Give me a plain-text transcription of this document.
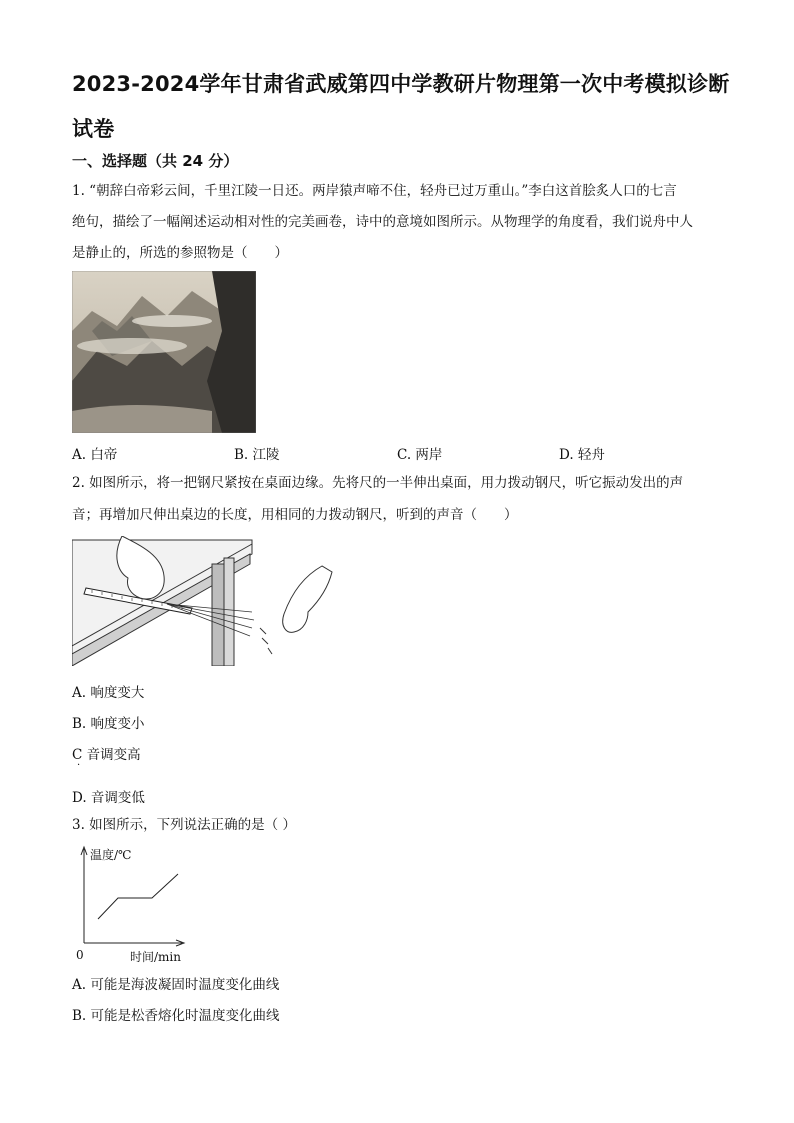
2023-2024学年甘肃省武威第四中学教研片物理第一次中考模拟诊断
试卷
一、选择题（共 24 分）
1. “朝辞白帝彩云间，千里江陵一日还。两岸猿声啼不住，轻舟已过万重山。”李白这首脍炙人口的七言
绝句，描绘了一幅阐述运动相对性的完美画卷，诗中的意境如图所示。从物理学的角度看，我们说舟中人
是静止的，所选的参照物是（　　）
A. 白帝	B. 江陵	C. 两岸	D. 轻舟
2. 如图所示，将一把钢尺紧按在桌面边缘。先将尺的一半伸出桌面，用力拨动钢尺，听它振动发出的声
音；再增加尺伸出桌边的长度，用相同的力拨动钢尺，听到的声音（　　）
A. 响度变大
B. 响度变小
C 音调变高
·
D. 音调变低
3. 如图所示，下列说法正确的是（ ）
温度/℃
0	时间/min
A. 可能是海波凝固时温度变化曲线
B. 可能是松香熔化时温度变化曲线
